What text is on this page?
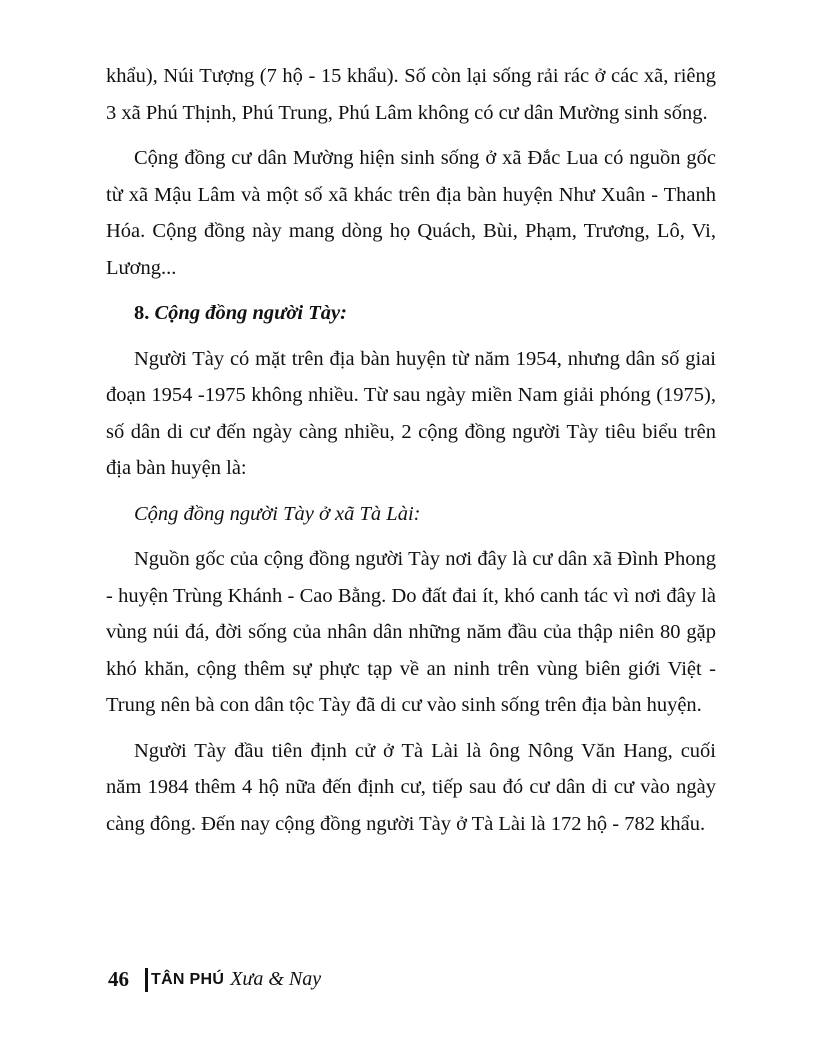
khẩu), Núi Tượng (7 hộ - 15 khẩu). Số còn lại sống rải rác ở các xã, riêng 3 xã Phú Thịnh, Phú Trung, Phú Lâm không có cư dân Mường sinh sống.

Cộng đồng cư dân Mường hiện sinh sống ở xã Đắc Lua có nguồn gốc từ xã Mậu Lâm và một số xã khác trên địa bàn huyện Như Xuân - Thanh Hóa. Cộng đồng này mang dòng họ Quách, Bùi, Phạm, Trương, Lô, Vi, Lương...

8. Cộng đồng người Tày:

Người Tày có mặt trên địa bàn huyện từ năm 1954, nhưng dân số giai đoạn 1954 -1975 không nhiều. Từ sau ngày miền Nam giải phóng (1975), số dân di cư đến ngày càng nhiều, 2 cộng đồng người Tày tiêu biểu trên địa bàn huyện là:

Cộng đồng người Tày ở xã Tà Lài:

Nguồn gốc của cộng đồng người Tày nơi đây là cư dân xã Đình Phong - huyện Trùng Khánh - Cao Bằng. Do đất đai ít, khó canh tác vì nơi đây là vùng núi đá, đời sống của nhân dân những năm đầu của thập niên 80 gặp khó khăn, cộng thêm sự phực tạp về an ninh trên vùng biên giới Việt - Trung nên bà con dân tộc Tày đã di cư vào sinh sống trên địa bàn huyện.

Người Tày đầu tiên định cử ở Tà Lài là ông Nông Văn Hang, cuối năm 1984 thêm 4 hộ nữa đến định cư, tiếp sau đó cư dân di cư vào ngày càng đông. Đến nay cộng đồng người Tày ở Tà Lài là 172 hộ - 782 khẩu.

46 TÂN PHÚ Xưa & Nay
